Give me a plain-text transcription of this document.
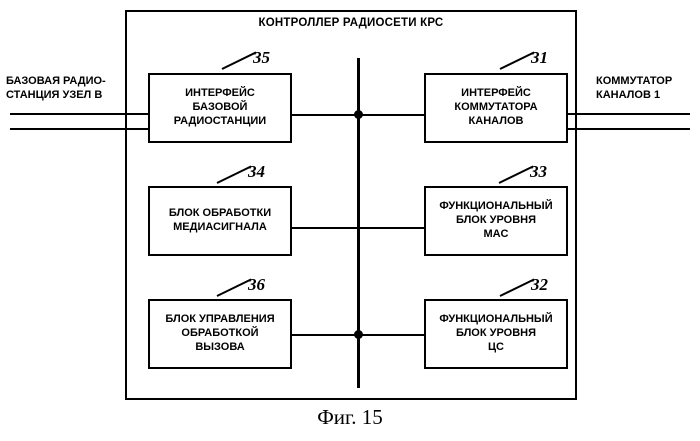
КОНТРОЛЛЕР РАДИОСЕТИ КРС
ИНТЕРФЕЙС
БАЗОВОЙ
РАДИОСТАНЦИИ
БЛОК ОБРАБОТКИ
МЕДИАСИГНАЛА
БЛОК УПРАВЛЕНИЯ
ОБРАБОТКОЙ
ВЫЗОВА
ИНТЕРФЕЙС
КОММУТАТОРА
КАНАЛОВ
ФУНКЦИОНАЛЬНЫЙ
БЛОК УРОВНЯ
MAC
ФУНКЦИОНАЛЬНЫЙ
БЛОК УРОВНЯ
ЦС
35
34
36
31
33
32
БАЗОВАЯ РАДИО-
СТАНЦИЯ УЗЕЛ В
КОММУТАТОР
КАНАЛОВ 1
Фиг. 15
